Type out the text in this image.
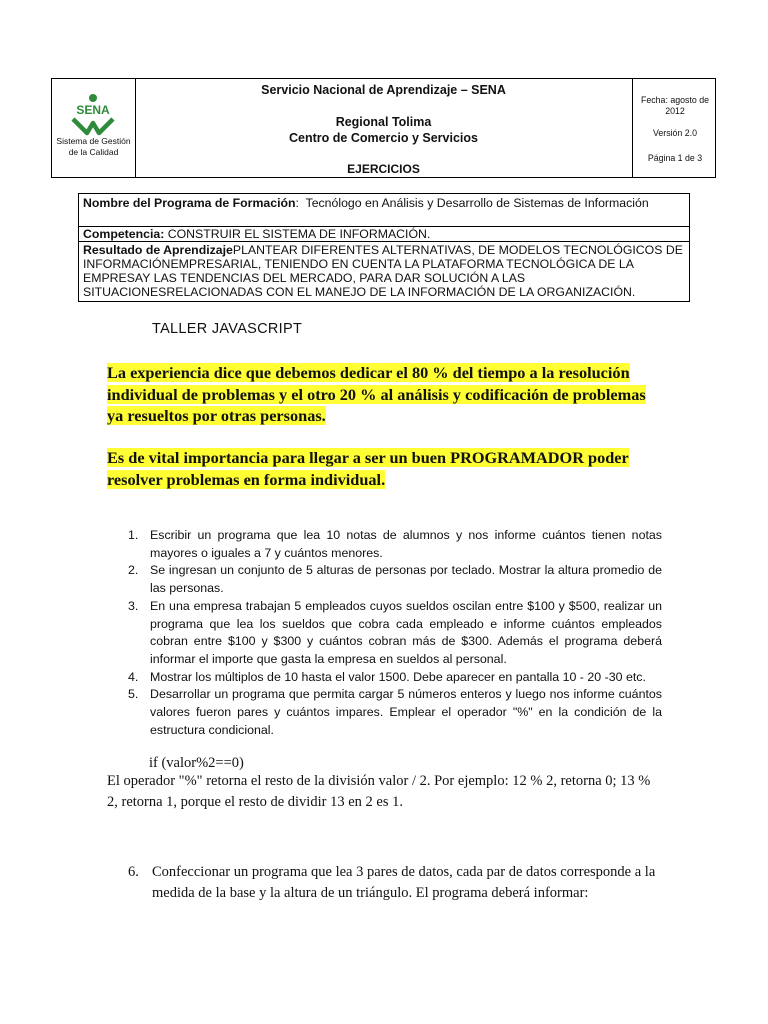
SENA
Sistema de Gestión de la Calidad
Servicio Nacional de Aprendizaje – SENA
Regional Tolima
Centro de Comercio y Servicios
EJERCICIOS
Fecha: agosto de 2012
Versión 2.0
Página 1 de 3
Nombre del Programa de Formación:  Tecnólogo en Análisis y Desarrollo de Sistemas de Información
Competencia: CONSTRUIR EL SISTEMA DE INFORMACIÓN.
Resultado de AprendizajePLANTEAR DIFERENTES ALTERNATIVAS, DE MODELOS TECNOLÓGICOS DE INFORMACIÓNEMPRESARIAL, TENIENDO EN CUENTA LA PLATAFORMA TECNOLÓGICA DE LA EMPRESAY LAS TENDENCIAS DEL MERCADO, PARA DAR SOLUCIÓN A LAS SITUACIONESRELACIONADAS CON EL MANEJO DE LA INFORMACIÓN DE LA ORGANIZACIÓN.
TALLER JAVASCRIPT
La experiencia dice que debemos dedicar el 80 % del tiempo a la resolución individual de problemas y el otro 20 % al análisis y codificación de problemas ya resueltos por otras personas.
Es de vital importancia para llegar a ser un buen PROGRAMADOR poder resolver problemas en forma individual.
1. Escribir un programa que lea 10 notas de alumnos y nos informe cuántos tienen notas mayores o iguales a 7 y cuántos menores.
2. Se ingresan un conjunto de 5 alturas de personas por teclado. Mostrar la altura promedio de las personas.
3. En una empresa trabajan 5 empleados cuyos sueldos oscilan entre $100 y $500, realizar un programa que lea los sueldos que cobra cada empleado e informe cuántos empleados cobran entre $100 y $300 y cuántos cobran más de $300. Además el programa deberá informar el importe que gasta la empresa en sueldos al personal.
4. Mostrar los múltiplos de 10 hasta el valor 1500. Debe aparecer en pantalla 10 - 20 -30 etc.
5. Desarrollar un programa que permita cargar 5 números enteros y luego nos informe cuántos valores fueron pares y cuántos impares. Emplear el operador "%" en la condición de la estructura condicional.
if (valor%2==0)
El operador "%" retorna el resto de la división valor / 2. Por ejemplo: 12 % 2, retorna 0; 13 % 2, retorna 1, porque el resto de dividir 13 en 2 es 1.
6. Confeccionar un programa que lea 3 pares de datos, cada par de datos corresponde a la medida de la base y la altura de un triángulo. El programa deberá informar:
